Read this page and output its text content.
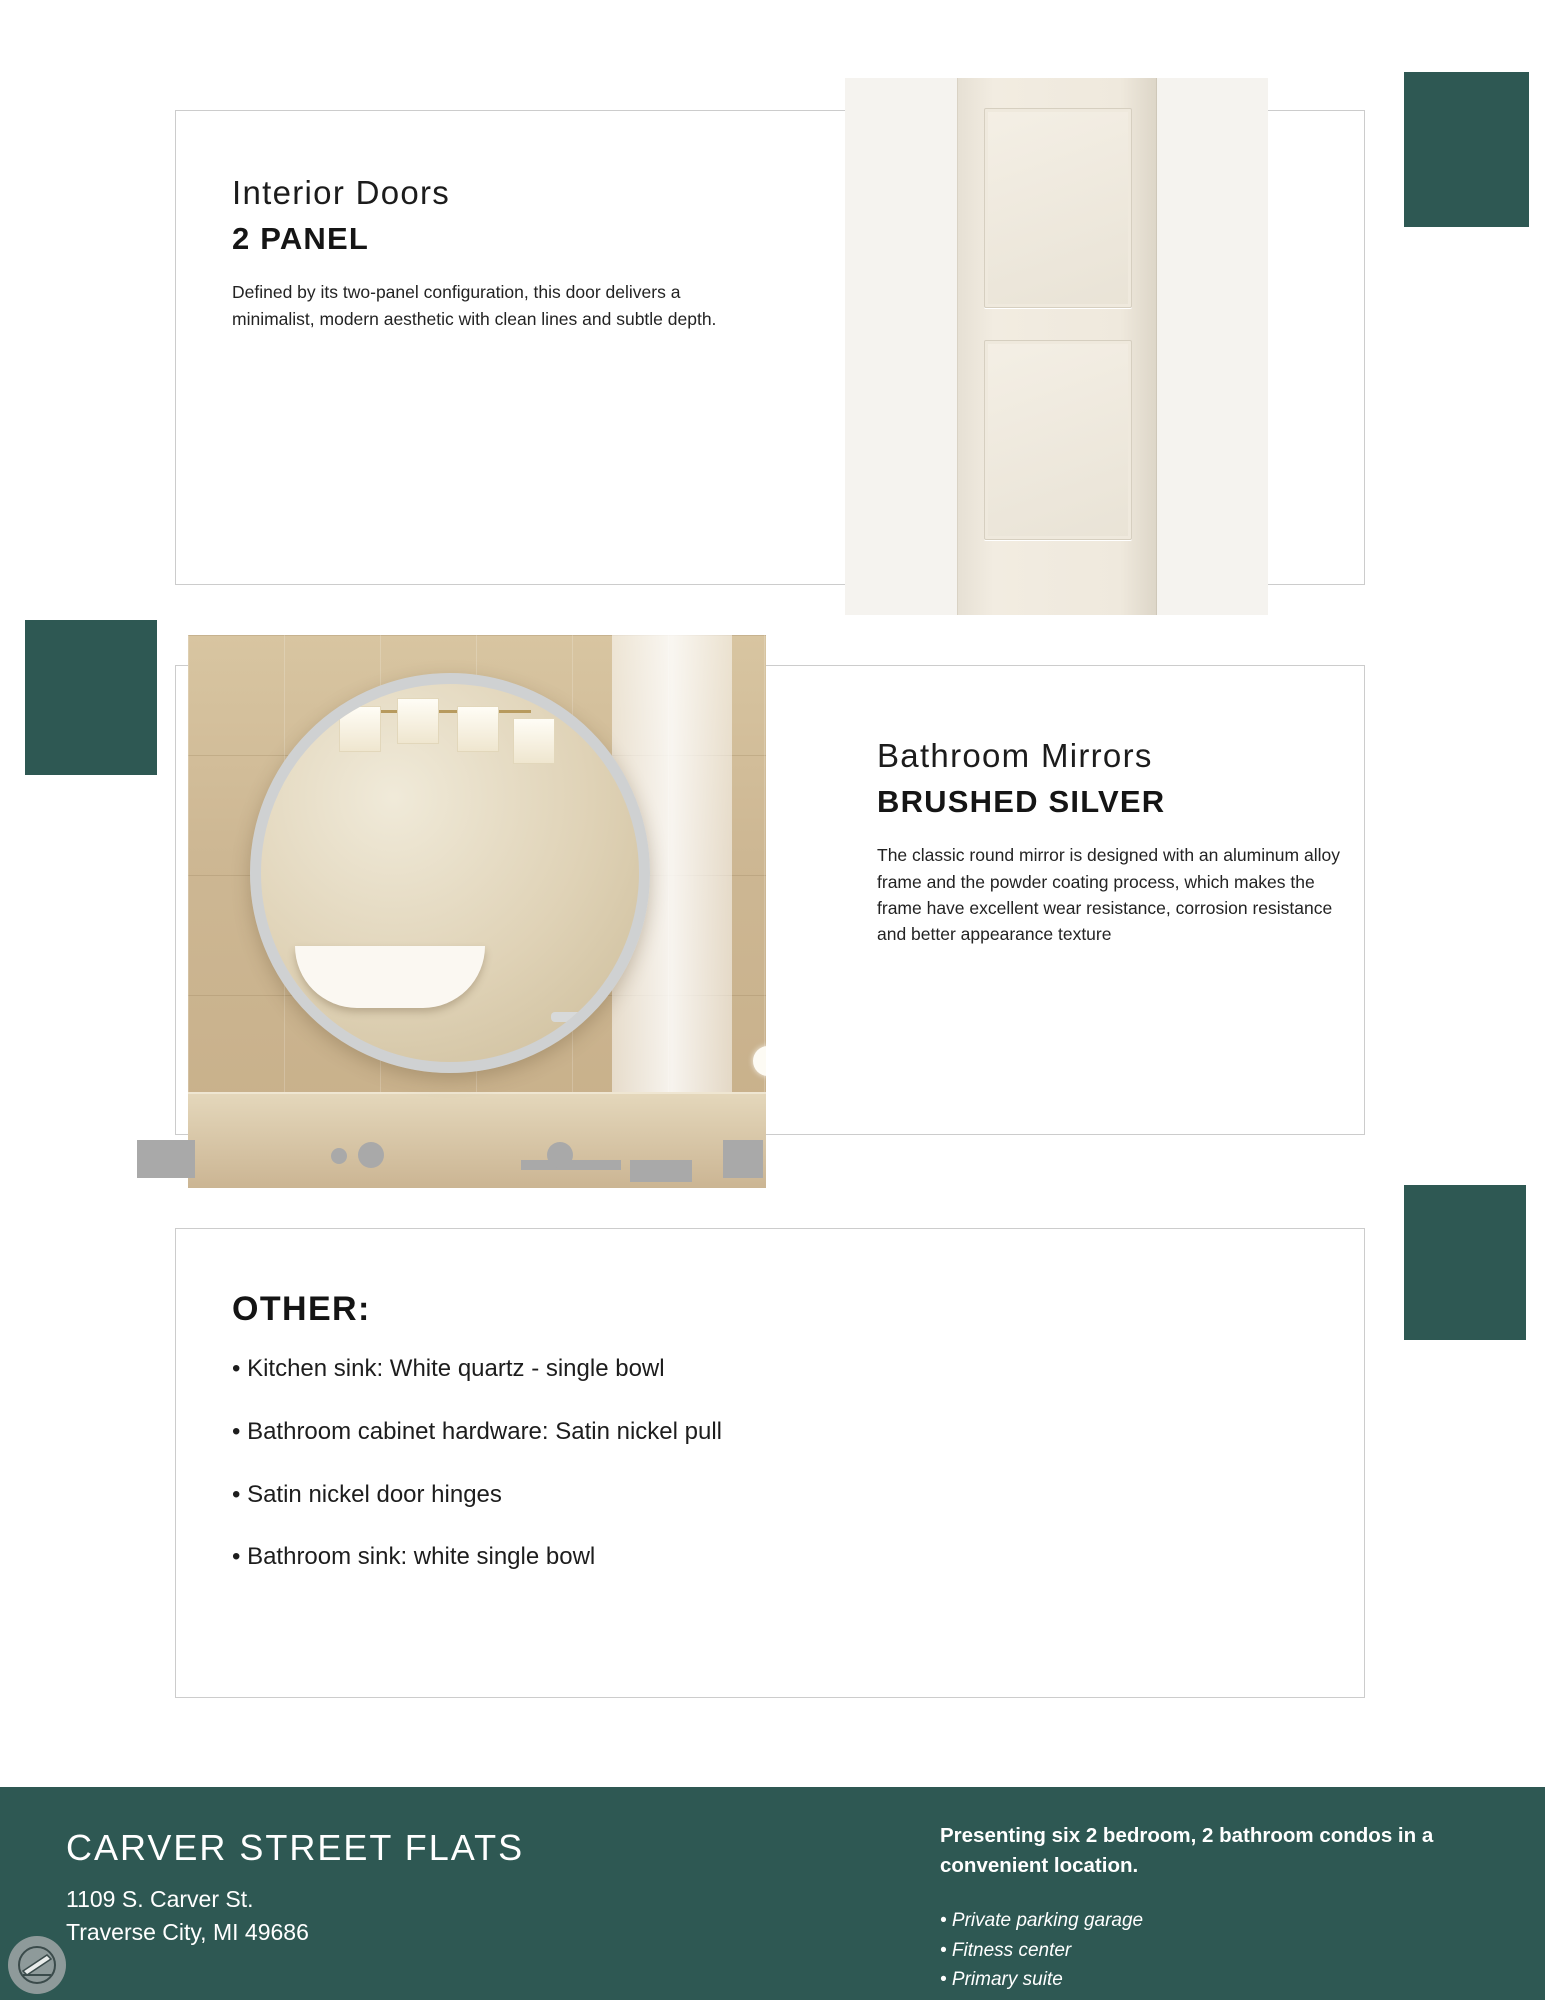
Interior Doors
2 PANEL
Defined by its two-panel configuration, this door delivers a minimalist, modern aesthetic with clean lines and subtle depth.
Bathroom Mirrors
BRUSHED SILVER
The classic round mirror is designed with an aluminum alloy frame and the powder coating process, which makes the frame have excellent wear resistance, corrosion resistance and better appearance texture
OTHER:
• Kitchen sink: White quartz - single bowl
• Bathroom cabinet hardware: Satin nickel pull
• Satin nickel door hinges
• Bathroom sink: white single bowl
CARVER STREET FLATS
1109 S. Carver St.
Traverse City, MI 49686
Presenting six 2 bedroom, 2 bathroom condos in a convenient location.
• Private parking garage
• Fitness center
• Primary suite
